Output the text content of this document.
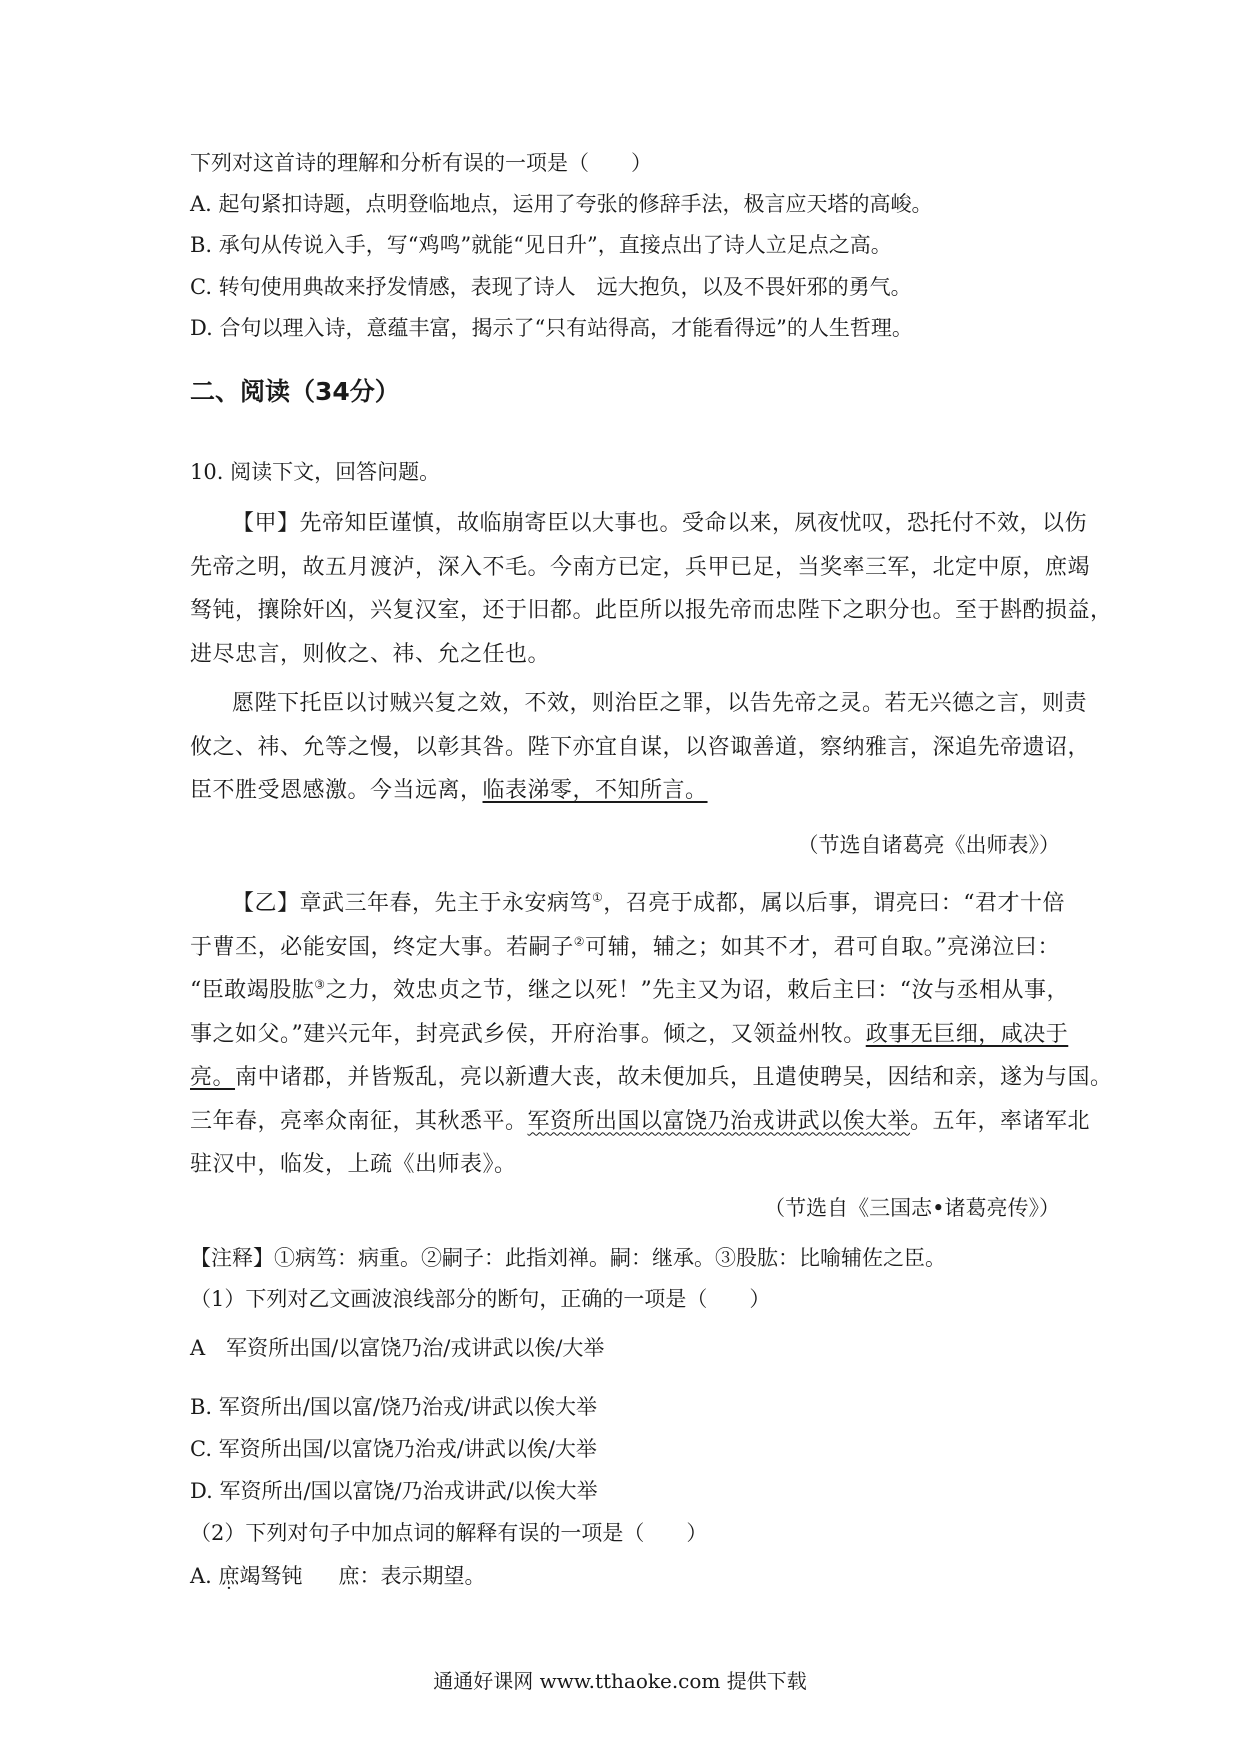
下列对这首诗的理解和分析有误的一项是（　　）
A. 起句紧扣诗题，点明登临地点，运用了夸张的修辞手法，极言应天塔的高峻。
B. 承句从传说入手，写“鸡鸣”就能“见日升”，直接点出了诗人立足点之高。
C. 转句使用典故来抒发情感，表现了诗人　远大抱负，以及不畏奸邪的勇气。
D. 合句以理入诗，意蕴丰富，揭示了“只有站得高，才能看得远”的人生哲理。
二、阅读（34分）
10. 阅读下文，回答问题。
【甲】先帝知臣谨慎，故临崩寄臣以大事也。受命以来，夙夜忧叹，恐托付不效，以伤
先帝之明，故五月渡泸，深入不毛。今南方已定，兵甲已足，当奖率三军，北定中原，庶竭
驽钝，攘除奸凶，兴复汉室，还于旧都。此臣所以报先帝而忠陛下之职分也。至于斟酌损益，
进尽忠言，则攸之、祎、允之任也。
愿陛下托臣以讨贼兴复之效，不效，则治臣之罪，以告先帝之灵。若无兴德之言，则责
攸之、祎、允等之慢，以彰其咎。陛下亦宜自谋，以咨诹善道，察纳雅言，深追先帝遗诏，
臣不胜受恩感激。今当远离，临表涕零，不知所言。
（节选自诸葛亮《出师表》）
【乙】章武三年春，先主于永安病笃①，召亮于成都，属以后事，谓亮曰：“君才十倍
于曹丕，必能安国，终定大事。若嗣子②可辅，辅之；如其不才，君可自取。”亮涕泣曰：
“臣敢竭股肱③之力，效忠贞之节，继之以死！”先主又为诏，敕后主曰：“汝与丞相从事，
事之如父。”建兴元年，封亮武乡侯，开府治事。倾之，又领益州牧。政事无巨细，咸决于
亮。南中诸郡，并皆叛乱，亮以新遭大丧，故未便加兵，且遣使聘吴，因结和亲，遂为与国。
三年春，亮率众南征，其秋悉平。军资所出国以富饶乃治戎讲武以俟大举。五年，率诸军北
驻汉中，临发，上疏《出师表》。
（节选自《三国志•诸葛亮传》）
【注释】①病笃：病重。②嗣子：此指刘禅。嗣：继承。③股肱：比喻辅佐之臣。
（1）下列对乙文画波浪线部分的断句，正确的一项是（　　）
A　军资所出国/以富饶乃治/戎讲武以俟/大举
B. 军资所出/国以富/饶乃治戎/讲武以俟大举
C. 军资所出国/以富饶乃治戎/讲武以俟/大举
D. 军资所出/国以富饶/乃治戎讲武/以俟大举
（2）下列对句子中加点词的解释有误的一项是（　　）
A. 庶竭驽钝 庶：表示期望。
通通好课网 www.tthaoke.com 提供下载
